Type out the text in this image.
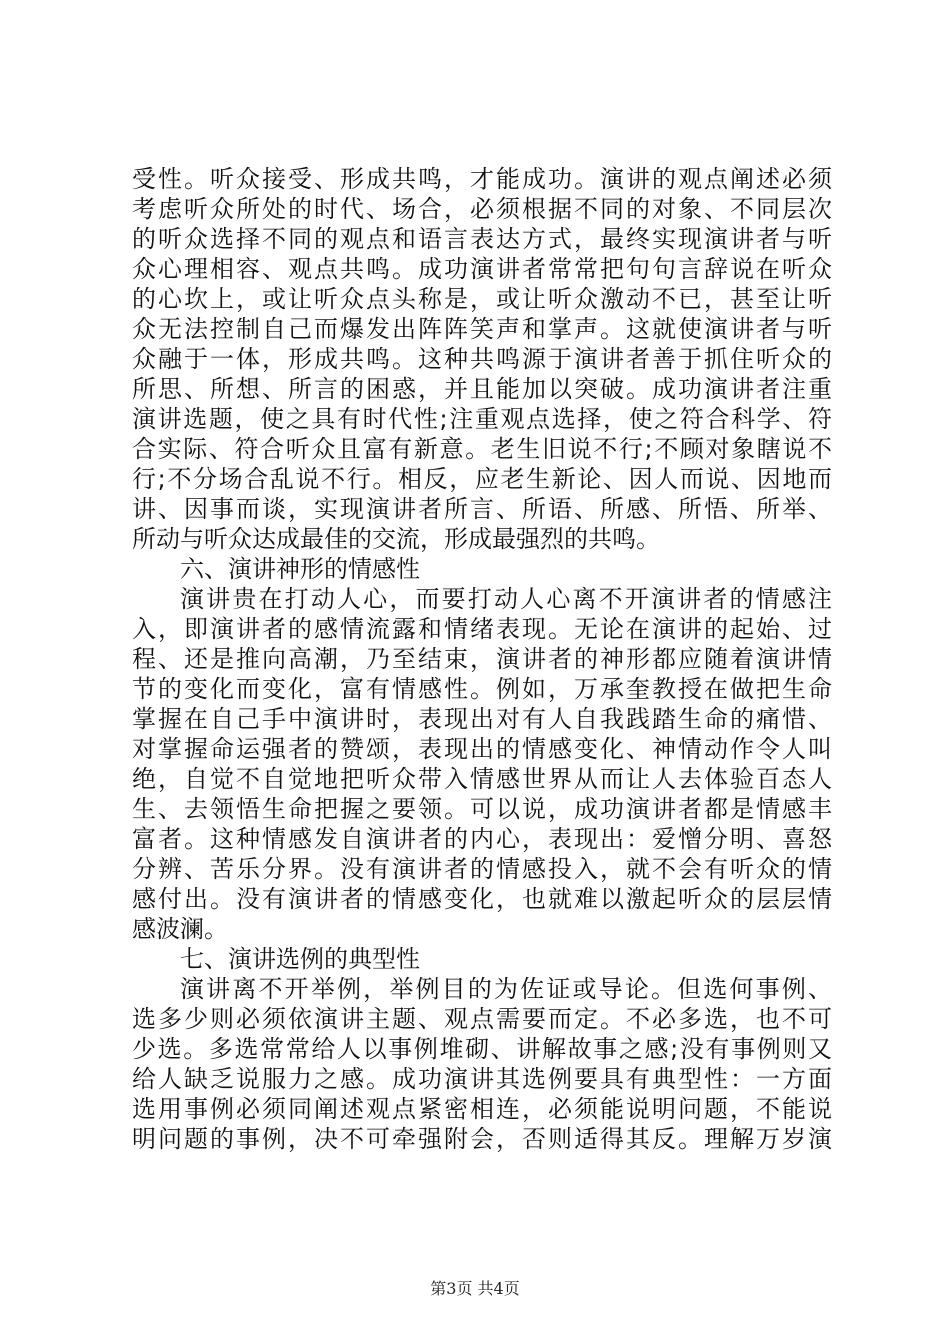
受性。听众接受、形成共鸣，才能成功。演讲的观点阐述必须
考虑听众所处的时代、场合，必须根据不同的对象、不同层次
的听众选择不同的观点和语言表达方式，最终实现演讲者与听
众心理相容、观点共鸣。成功演讲者常常把句句言辞说在听众
的心坎上，或让听众点头称是，或让听众激动不已，甚至让听
众无法控制自己而爆发出阵阵笑声和掌声。这就使演讲者与听
众融于一体，形成共鸣。这种共鸣源于演讲者善于抓住听众的
所思、所想、所言的困惑，并且能加以突破。成功演讲者注重
演讲选题，使之具有时代性;注重观点选择，使之符合科学、符
合实际、符合听众且富有新意。老生旧说不行;不顾对象瞎说不
行;不分场合乱说不行。相反，应老生新论、因人而说、因地而
讲、因事而谈，实现演讲者所言、所语、所感、所悟、所举、
所动与听众达成最佳的交流，形成最强烈的共鸣。
六、演讲神形的情感性
演讲贵在打动人心，而要打动人心离不开演讲者的情感注
入，即演讲者的感情流露和情绪表现。无论在演讲的起始、过
程、还是推向高潮，乃至结束，演讲者的神形都应随着演讲情
节的变化而变化，富有情感性。例如，万承奎教授在做把生命
掌握在自己手中演讲时，表现出对有人自我践踏生命的痛惜、
对掌握命运强者的赞颂，表现出的情感变化、神情动作令人叫
绝，自觉不自觉地把听众带入情感世界从而让人去体验百态人
生、去领悟生命把握之要领。可以说，成功演讲者都是情感丰
富者。这种情感发自演讲者的内心，表现出：爱憎分明、喜怒
分辨、苦乐分界。没有演讲者的情感投入，就不会有听众的情
感付出。没有演讲者的情感变化，也就难以激起听众的层层情
感波澜。
七、演讲选例的典型性
演讲离不开举例，举例目的为佐证或导论。但选何事例、
选多少则必须依演讲主题、观点需要而定。不必多选，也不可
少选。多选常常给人以事例堆砌、讲解故事之感;没有事例则又
给人缺乏说服力之感。成功演讲其选例要具有典型性：一方面
选用事例必须同阐述观点紧密相连，必须能说明问题，不能说
明问题的事例，决不可牵强附会，否则适得其反。理解万岁演
第3页 共4页
